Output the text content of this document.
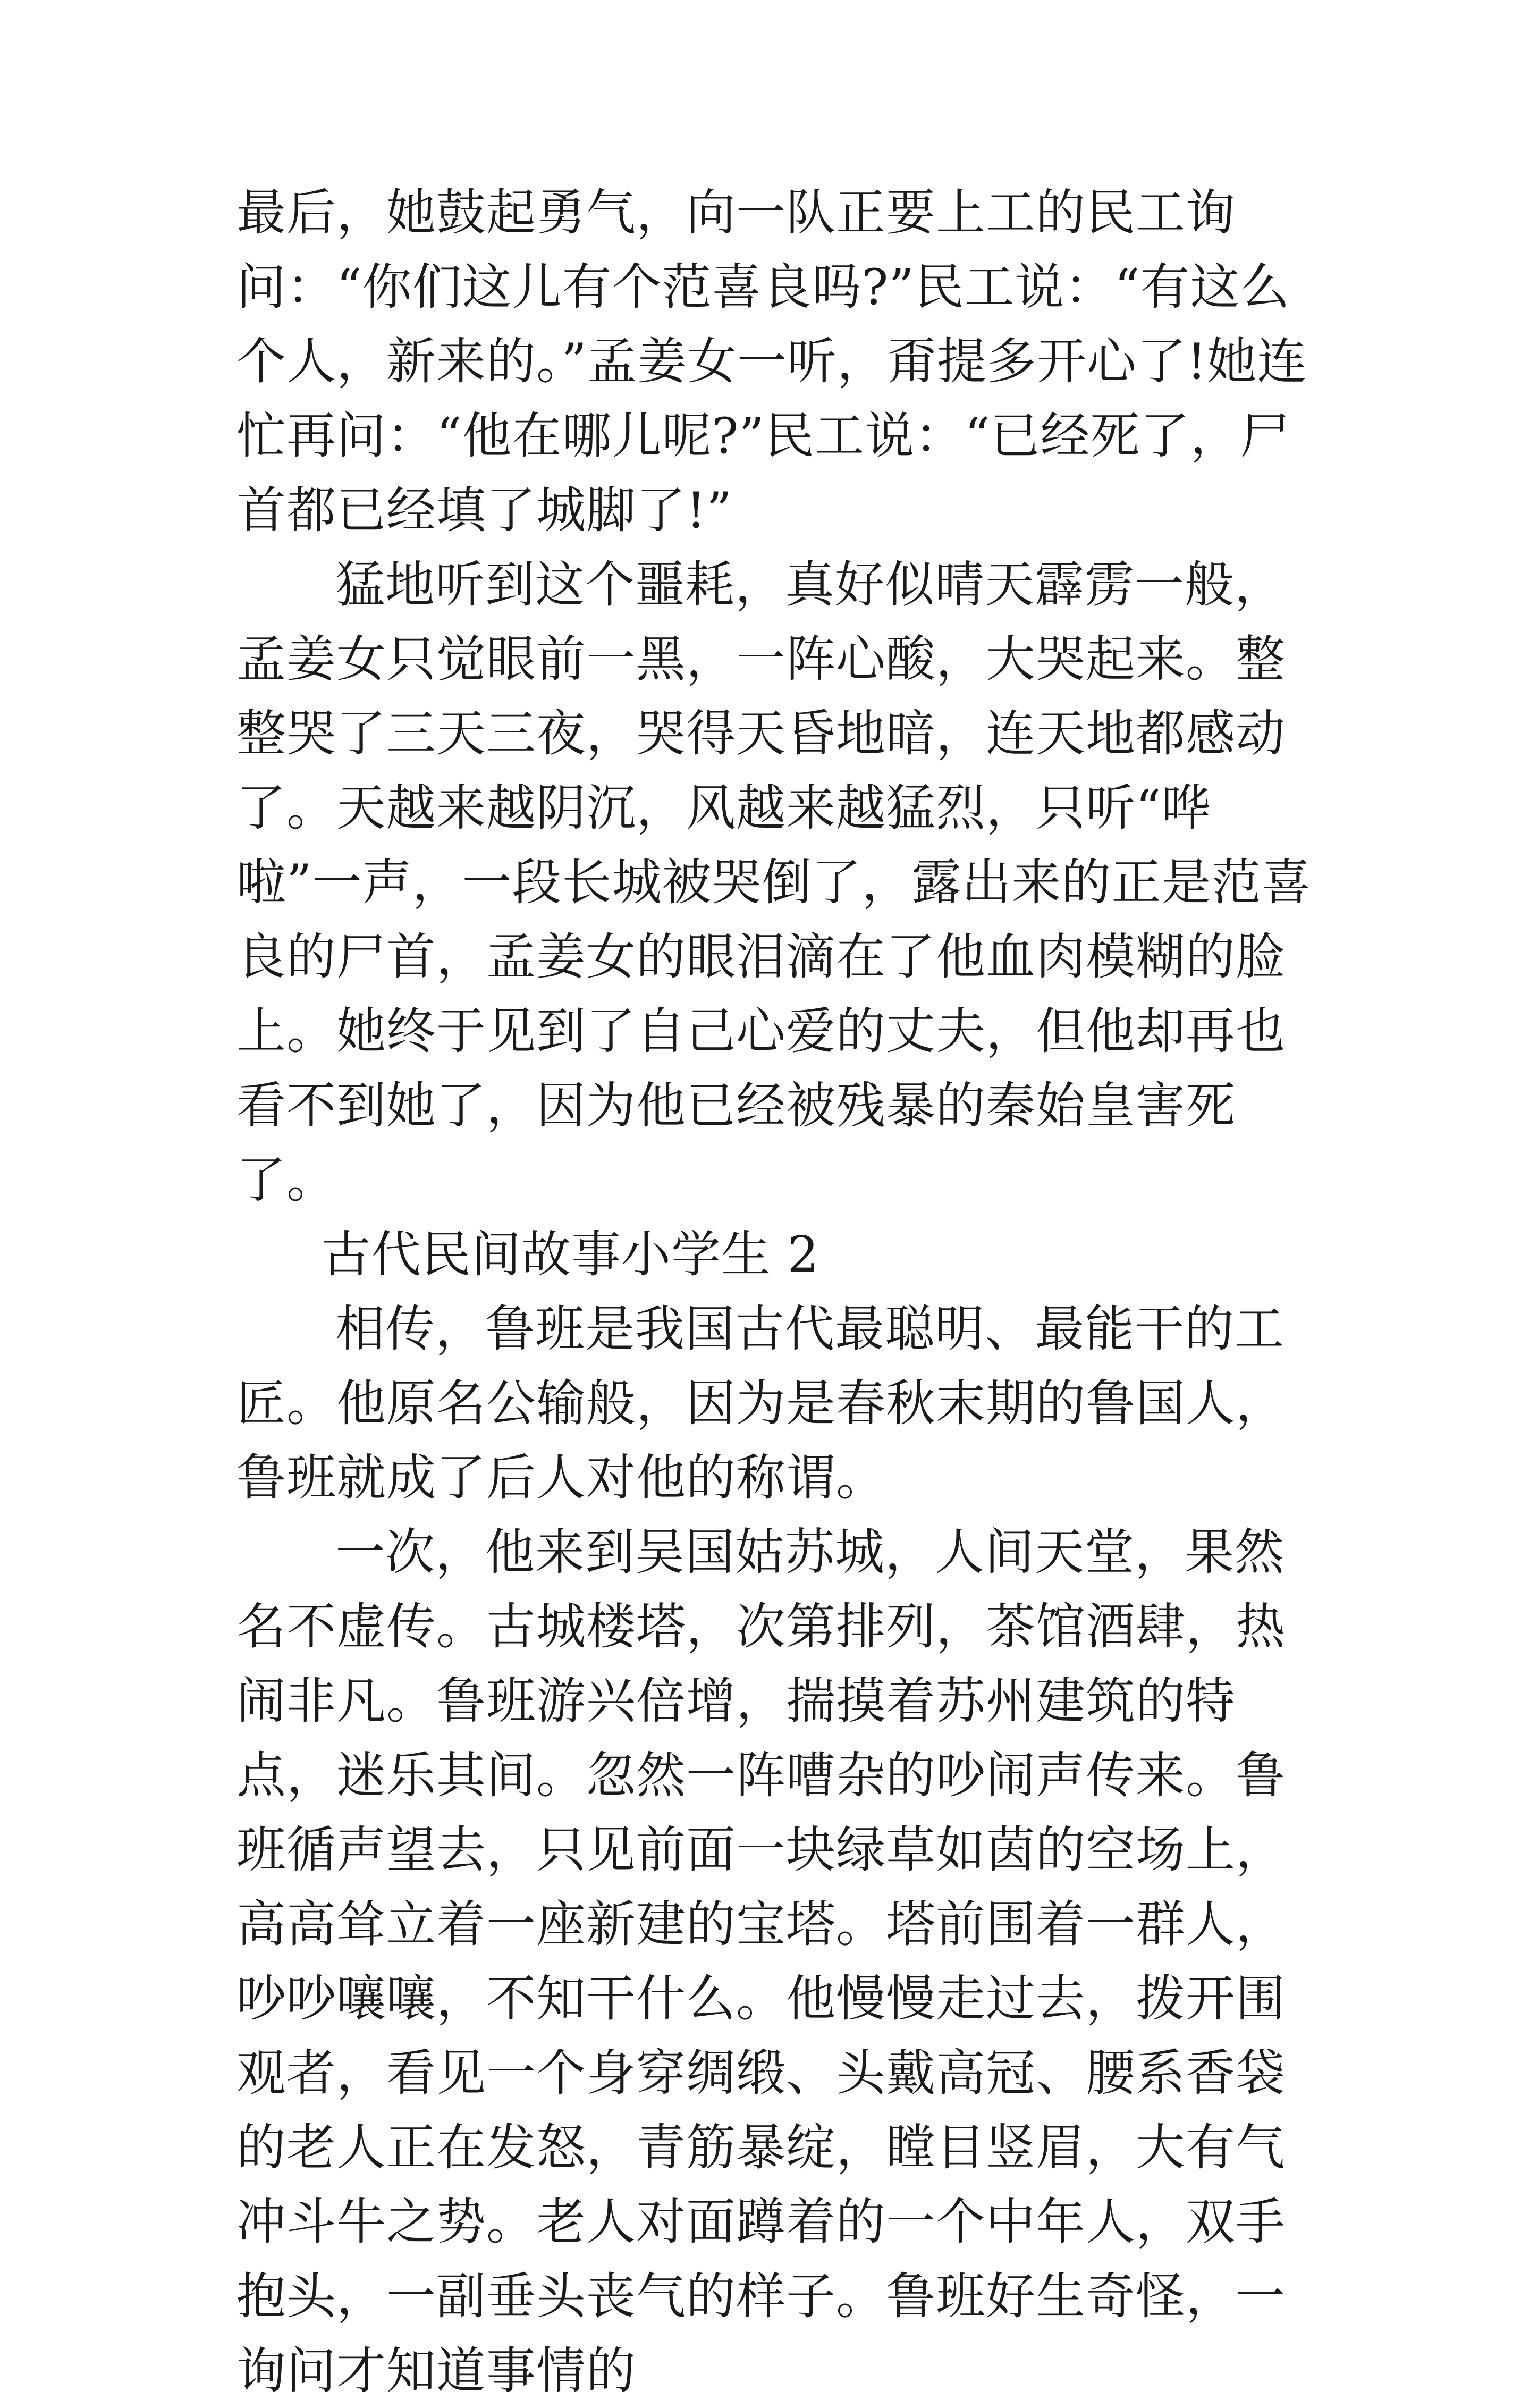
最后，她鼓起勇气，向一队正要上工的民工询问：“你们这儿有个范喜良吗?”民工说：“有这么个人，新来的。”孟姜女一听，甭提多开心了!她连忙再问：“他在哪儿呢?”民工说：“已经死了，尸首都已经填了城脚了!”

猛地听到这个噩耗，真好似晴天霹雳一般，孟姜女只觉眼前一黑，一阵心酸，大哭起来。整整哭了三天三夜，哭得天昏地暗，连天地都感动了。天越来越阴沉，风越来越猛烈，只听“哗啦”一声，一段长城被哭倒了，露出来的正是范喜良的尸首，孟姜女的眼泪滴在了他血肉模糊的脸上。她终于见到了自己心爱的丈夫，但他却再也看不到她了，因为他已经被残暴的秦始皇害死了。

古代民间故事小学生 2

相传，鲁班是我国古代最聪明、最能干的工匠。他原名公输般，因为是春秋末期的鲁国人，鲁班就成了后人对他的称谓。

一次，他来到吴国姑苏城，人间天堂，果然名不虚传。古城楼塔，次第排列，茶馆酒肆，热闹非凡。鲁班游兴倍增，揣摸着苏州建筑的特点，迷乐其间。忽然一阵嘈杂的吵闹声传来。鲁班循声望去，只见前面一块绿草如茵的空场上，高高耸立着一座新建的宝塔。塔前围着一群人，吵吵嚷嚷，不知干什么。他慢慢走过去，拨开围观者，看见一个身穿绸缎、头戴高冠、腰系香袋的老人正在发怒，青筋暴绽，瞠目竖眉，大有气冲斗牛之势。老人对面蹲着的一个中年人，双手抱头，一副垂头丧气的样子。鲁班好生奇怪，一询问才知道事情的
